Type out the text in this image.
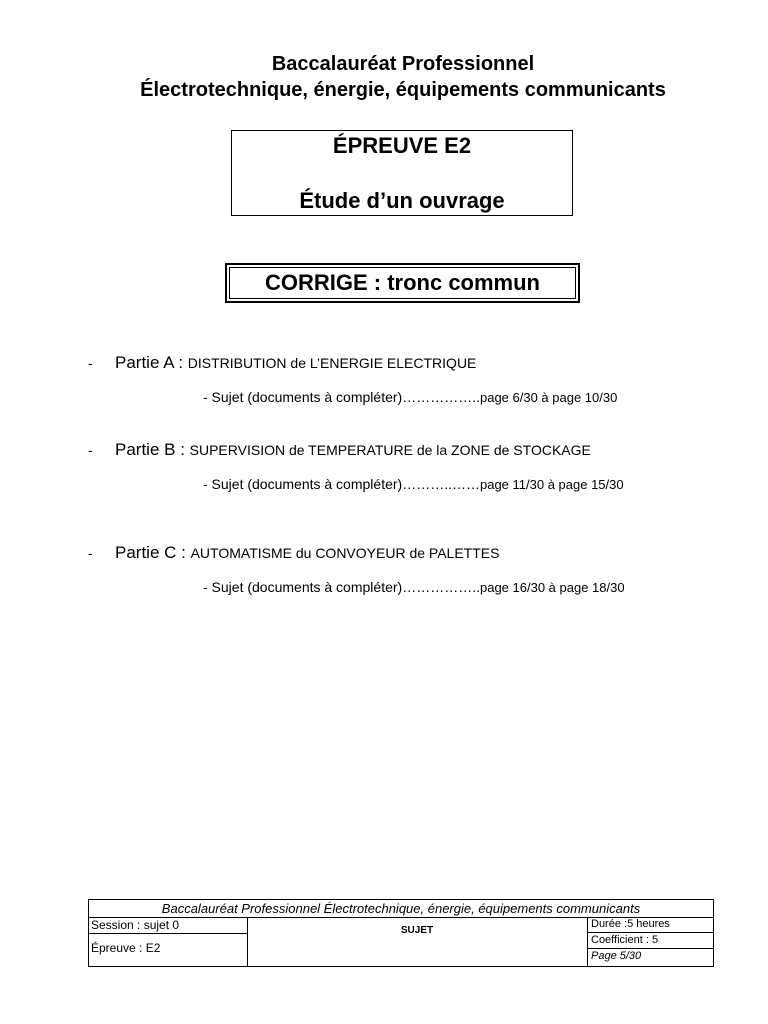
Baccalauréat Professionnel
Électrotechnique, énergie, équipements communicants
ÉPREUVE E2
Étude d’un ouvrage
CORRIGE : tronc commun
- Partie A : DISTRIBUTION de L’ENERGIE ELECTRIQUE
- Sujet (documents à compléter)……………..page 6/30 à page 10/30
- Partie B : SUPERVISION de TEMPERATURE de la ZONE de STOCKAGE
- Sujet (documents à compléter)………..……page 11/30 à page 15/30
- Partie C : AUTOMATISME du CONVOYEUR de PALETTES
- Sujet (documents à compléter)……………..page 16/30 à page 18/30
Baccalauréat Professionnel Électrotechnique, énergie, équipements communicants
Session : sujet 0
Épreuve : E2
SUJET
Durée :5 heures
Coefficient : 5
Page 5/30
